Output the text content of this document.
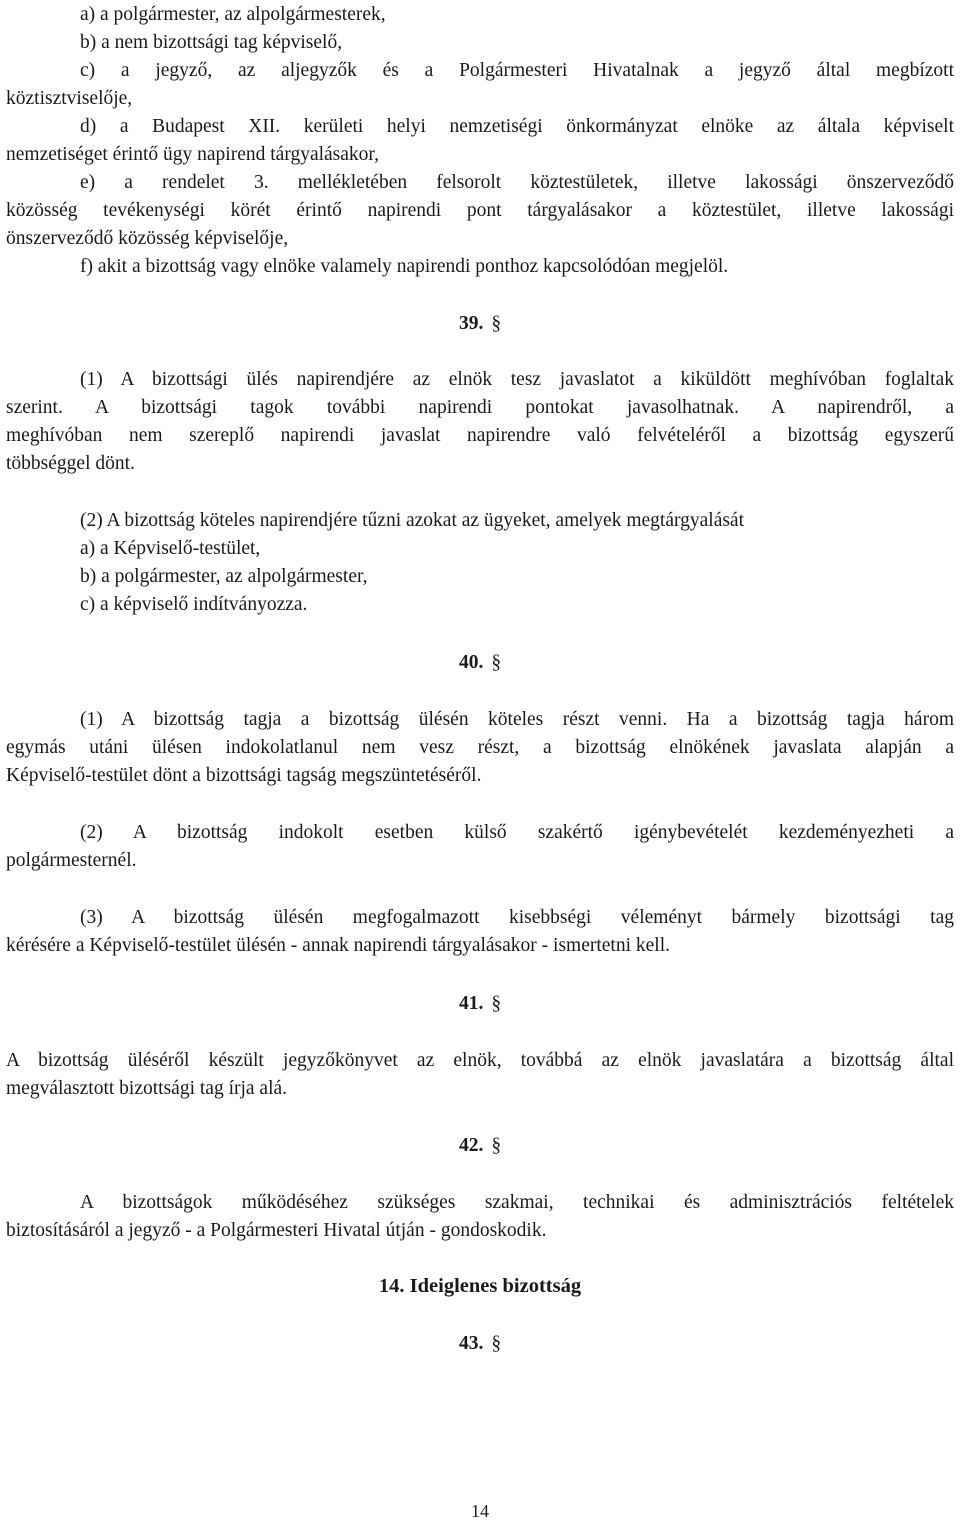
a) a polgármester, az alpolgármesterek,
b) a nem bizottsági tag képviselő,
c) a jegyző, az aljegyzők és a Polgármesteri Hivatalnak a jegyző által megbízott
köztisztviselője,
d) a Budapest XII. kerületi helyi nemzetiségi önkormányzat elnöke az általa képviselt
nemzetiséget érintő ügy napirend tárgyalásakor,
e) a rendelet 3. mellékletében felsorolt köztestületek, illetve lakossági önszerveződő
közösség tevékenységi körét érintő napirendi pont tárgyalásakor a köztestület, illetve lakossági
önszerveződő közösség képviselője,
f) akit a bizottság vagy elnöke valamely napirendi ponthoz kapcsolódóan megjelöl.
39. §
(1) A bizottsági ülés napirendjére az elnök tesz javaslatot a kiküldött meghívóban foglaltak
szerint. A bizottsági tagok további napirendi pontokat javasolhatnak. A napirendről, a
meghívóban nem szereplő napirendi javaslat napirendre való felvételéről a bizottság egyszerű
többséggel dönt.
(2) A bizottság köteles napirendjére tűzni azokat az ügyeket, amelyek megtárgyalását
a) a Képviselő-testület,
b) a polgármester, az alpolgármester,
c) a képviselő indítványozza.
40. §
(1) A bizottság tagja a bizottság ülésén köteles részt venni. Ha a bizottság tagja három
egymás utáni ülésen indokolatlanul nem vesz részt, a bizottság elnökének javaslata alapján a
Képviselő-testület dönt a bizottsági tagság megszüntetéséről.
(2) A bizottság indokolt esetben külső szakértő igénybevételét kezdeményezheti a
polgármesternél.
(3) A bizottság ülésén megfogalmazott kisebbségi véleményt bármely bizottsági tag
kérésére a Képviselő-testület ülésén - annak napirendi tárgyalásakor - ismertetni kell.
41. §
A bizottság üléséről készült jegyzőkönyvet az elnök, továbbá az elnök javaslatára a bizottság által
megválasztott bizottsági tag írja alá.
42. §
A bizottságok működéséhez szükséges szakmai, technikai és adminisztrációs feltételek
biztosításáról a jegyző - a Polgármesteri Hivatal útján - gondoskodik.
14. Ideiglenes bizottság
43. §
14
